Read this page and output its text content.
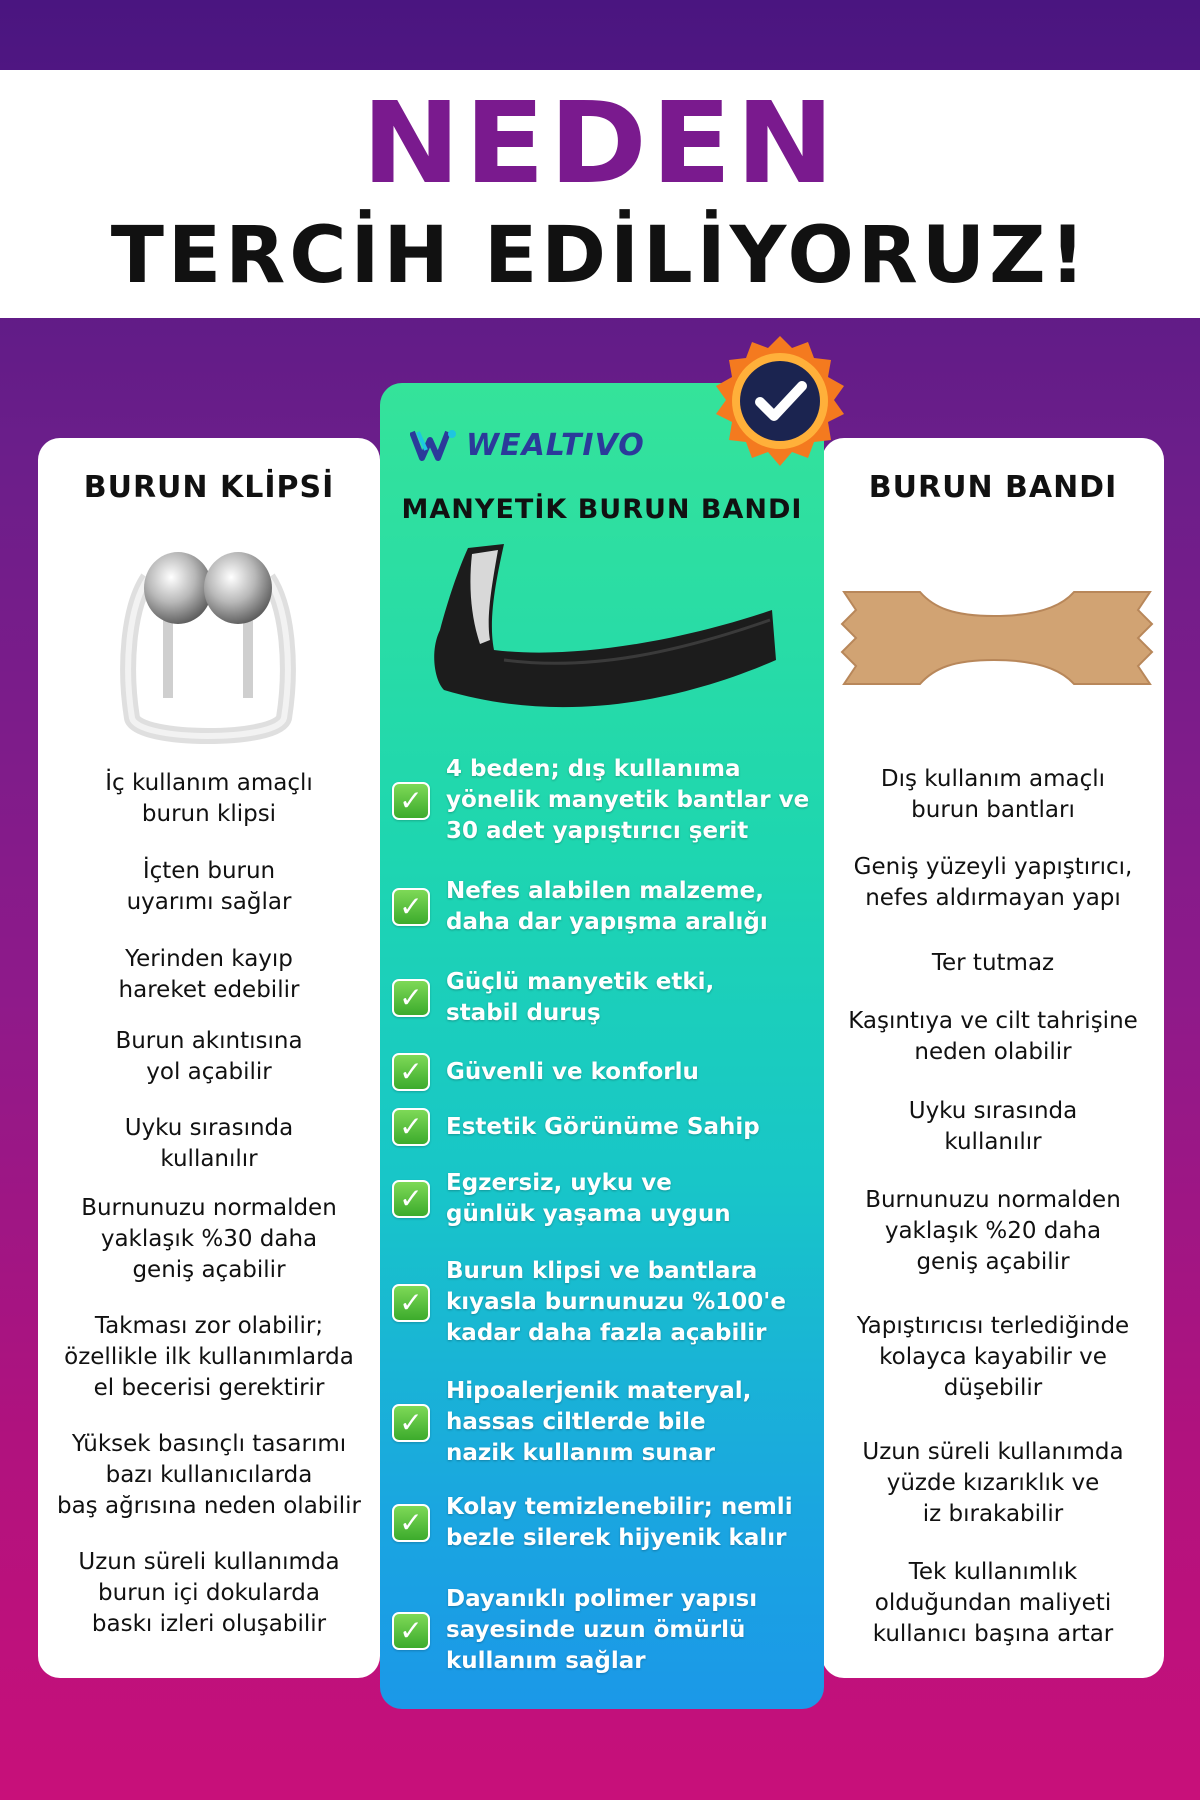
NEDEN
TERCİH EDİLİYORUZ!
WEALTIVO
BURUN KLİPSİ
MANYETİK BURUN BANDI
BURUN BANDI
İç kullanım amaçlı
burun klipsi
İçten burun
uyarımı sağlar
Yerinden kayıp
hareket edebilir
Burun akıntısına
yol açabilir
Uyku sırasında
kullanılır
Burnunuzu normalden
yaklaşık %30 daha
geniş açabilir
Takması zor olabilir;
özellikle ilk kullanımlarda
el becerisi gerektirir
Yüksek basınçlı tasarımı
bazı kullanıcılarda
baş ağrısına neden olabilir
Uzun süreli kullanımda
burun içi dokularda
baskı izleri oluşabilir
Dış kullanım amaçlı
burun bantları
Geniş yüzeyli yapıştırıcı,
nefes aldırmayan yapı
Ter tutmaz
Kaşıntıya ve cilt tahrişine
neden olabilir
Uyku sırasında
kullanılır
Burnunuzu normalden
yaklaşık %20 daha
geniş açabilir
Yapıştırıcısı terlediğinde
kolayca kayabilir ve
düşebilir
Uzun süreli kullanımda
yüzde kızarıklık ve
iz bırakabilir
Tek kullanımlık
olduğundan maliyeti
kullanıcı başına artar
✓
4 beden; dış kullanıma
yönelik manyetik bantlar ve
30 adet yapıştırıcı şerit
✓	Nefes alabilen malzeme,
daha dar yapışma aralığı
✓	Güçlü manyetik etki,
stabil duruş
✓	Güvenli ve konforlu
✓	Estetik Görünüme Sahip
✓	Egzersiz, uyku ve
günlük yaşama uygun
✓
Burun klipsi ve bantlara
kıyasla burnunuzu %100'e
kadar daha fazla açabilir
✓
Hipoalerjenik materyal,
hassas ciltlerde bile
nazik kullanım sunar
✓	Kolay temizlenebilir; nemli
bezle silerek hijyenik kalır
✓
Dayanıklı polimer yapısı
sayesinde uzun ömürlü
kullanım sağlar
